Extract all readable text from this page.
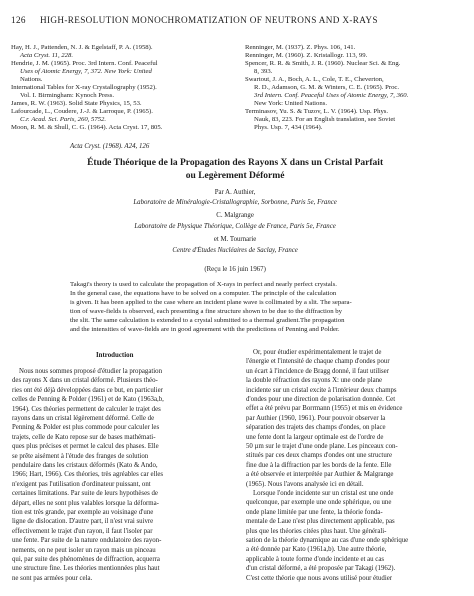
126 HIGH-RESOLUTION MONOCHROMATIZATION OF NEUTRONS AND X-RAYS
Hay, H. J., Pattenden, N. J. & Egelstaff, P. A. (1958).
Acta Cryst. 11, 228.
Hendrie, J. M. (1965). Proc. 3rd Intern. Conf. Peaceful
Uses of Atomic Energy, 7, 372. New York: United
Nations.
International Tables for X-ray Crystallography (1952).
Vol. I. Birmingham: Kynoch Press.
James, R. W. (1963). Solid State Physics, 15, 53.
Lafourcade, L., Coudere, J.-J. & Larroque, P. (1965).
C.r. Acad. Sci. Paris, 260, 5752.
Moon, R. M. & Shull, C. G. (1964). Acta Cryst. 17, 805.
Renninger, M. (1937). Z. Phys. 106, 141.
Renninger, M. (1960). Z. Kristallogr. 113, 99.
Spencer, R. R. & Smith, J. R. (1960). Nuclear Sci. & Eng.
8, 393.
Swartout, J. A., Boch, A. L., Cole, T. E., Cheverton,
R. D., Adamson, G. M. & Winters, C. E. (1965). Proc.
3rd Intern. Conf. Peaceful Uses of Atomic Energy, 7, 360.
New York: United Nations.
Terminasov, Yu. S. & Tuzov, L. V. (1964). Usp. Phys.
Nauk, 83, 223. For an English translation, see Soviet
Phys. Usp. 7, 434 (1964).
Acta Cryst. (1968). A24, 126
Étude Théorique de la Propagation des Rayons X dans un Cristal Parfait
ou Legèrement Déformé
Par A. Authier,
Laboratoire de Minéralogie-Cristallographie, Sorbonne, Paris 5e, France
C. Malgrange
Laboratoire de Physique Théorique, Collège de France, Paris 5e, France
et M. Tournarie
Centre d'Études Nucléaires de Saclay, France
(Reçu le 16 juin 1967)
Takagi's theory is used to calculate the propagation of X-rays in perfect and nearly perfect crystals.
In the general case, the equations have to be solved on a computer. The principle of the calculation
is given. It has been applied to the case where an incident plane wave is collimated by a slit. The separa-
tion of wave-fields is observed, each presenting a fine structure shown to be due to the diffraction by
the slit. The same calculation is extended to a crystal submitted to a thermal gradient.The propagation
and the intensities of wave-fields are in good agreement with the predictions of Penning and Polder.
Introduction
Nous nous sommes proposé d'étudier la propagation
des rayons X dans un cristal déformé. Plusieurs théo-
ries ont été déjà développées dans ce but, en particulier
celles de Penning & Polder (1961) et de Kato (1963a,b,
1964). Ces théories permettent de calculer le trajet des
rayons dans un cristal légèrement déformé. Celle de
Penning & Polder est plus commode pour calculer les
trajets, celle de Kato repose sur de bases mathémati-
ques plus précises et permet le calcul des phases. Elle
se prête aisément à l'étude des franges de solution
pendulaire dans les cristaux déformés (Kato & Ando,
1966; Hart, 1966). Ces théories, très agréables car elles
n'exigent pas l'utilisation d'ordinateur puissant, ont
certaines limitations. Par suite de leurs hypothèses de
départ, elles ne sont plus valables lorsque la déforma-
tion est très grande, par exemple au voisinage d'une
ligne de dislocation. D'autre part, il n'est vrai suivre
effectivement le trajet d'un rayon, il faut l'isoler par
une fente. Par suite de la nature ondulatoire des rayon-
nements, on ne peut isoler un rayon mais un pinceau
qui, par suite des phénomènes de diffraction, acquerra
une structure fine. Les théories mentionnées plus haut
ne sont pas armées pour cela.
Or, pour étudier expérimentalement le trajet de
l'énergie et l'intensité de chaque champ d'ondes pour
un écart à l'incidence de Bragg donné, il faut utiliser
la double réfraction des rayons X: une onde plane
incidente sur un cristal excite à l'intérieur deux champs
d'ondes pour une direction de polarisation donnée. Cet
effet a été prévu par Borrmann (1955) et mis en évidence
par Authier (1960, 1961). Pour pouvoir observer la
séparation des trajets des champs d'ondes, on place
une fente dont la largeur optimale est de l'ordre de
50 µm sur le trajet d'une onde plane. Les pinceaux con-
stitués par ces deux champs d'ondes ont une structure
fine due à la diffraction par les bords de la fente. Elle
a été observée et interprétée par Authier & Malgrange
(1965). Nous l'avons analysée ici en détail.
Lorsque l'onde incidente sur un cristal est une onde
quelconque, par exemple une onde sphérique, ou une
onde plane limitée par une fente, la théorie fonda-
mentale de Laue n'est plus directement applicable, pas
plus que les théories citées plus haut. Une générali-
sation de la théorie dynamique au cas d'une onde sphérique
a été donnée par Kato (1961a,b). Une autre théorie,
applicable à toute forme d'onde incidente et au cas
d'un cristal déformé, a été proposée par Takagi (1962).
C'est cette théorie que nous avons utilisé pour étudier
